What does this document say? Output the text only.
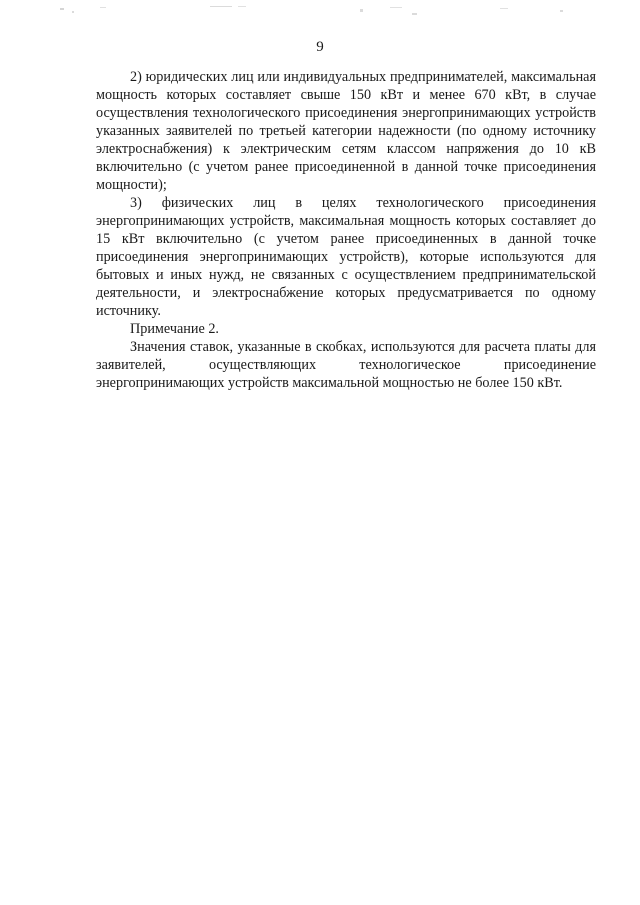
9

2) юридических лиц или индивидуальных предпринимателей, максимальная мощность которых составляет свыше 150 кВт и менее 670 кВт, в случае осуществления технологического присоединения энергопринимающих устройств указанных заявителей по третьей категории надежности (по одному источнику электроснабжения) к электрическим сетям классом напряжения до 10 кВ включительно (с учетом ранее присоединенной в данной точке присоединения мощности);

3) физических лиц в целях технологического присоединения энергопринимающих устройств, максимальная мощность которых составляет до 15 кВт включительно (с учетом ранее присоединенных в данной точке присоединения энергопринимающих устройств), которые используются для бытовых и иных нужд, не связанных с осуществлением предпринимательской деятельности, и электроснабжение которых предусматривается по одному источнику.

Примечание 2.

Значения ставок, указанные в скобках, используются для расчета платы для заявителей, осуществляющих технологическое присоединение энергопринимающих устройств максимальной мощностью не более 150 кВт.
